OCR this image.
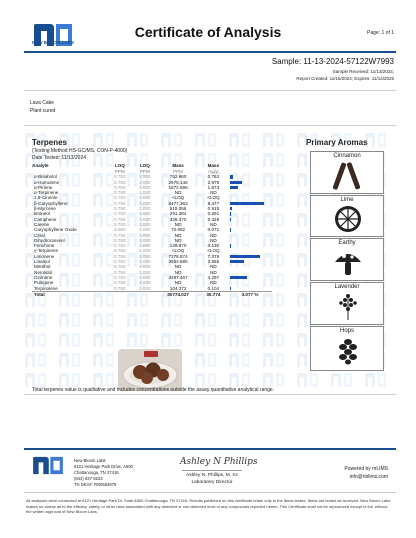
NEW BLOOM LABS
Certificate of Analysis	Page: 1 of 1
Sample: 11-13-2024-57122W7993
Sample Received: 11/13/2024;
Report Created: 11/15/2024; Expires: 11/14/2025
Lava Cake
Plant cured
Terpenes
(Testing Method HS-GC/MS, CON-P-4000)
Date Tested: 11/13/2024
Primary Aromas
Analyte	LOQ	LOQ	Mass	Mass	
	PPM	PPM	PPM	mg/g	
α-Bisabolol	0.750	3.000	762.960	0.763	

α-Humulene	0.750	3.000	2979.146	2.979	

α-Pinene	0.750	3.000	1872.698	1.873	

α-Terpinene	0.750	3.000	ND	ND	

1,8-Cineole	0.750	3.000	<LOQ	<LOQ	

β-Caryophyllene	0.750	3.000	8477.363	8.477	

β-Myrcene	0.750	3.000	515.056	0.515	

Borneol	0.750	3.000	291.384	0.291	

Camphene	0.750	3.000	329.370	0.329	

Carene	0.750	3.000	ND	ND	

Caryophyllene Oxide	3.000	3.000	70.982	0.071	

Citral	0.750	3.000	ND	ND	

Dihydrocarveol	0.750	3.000	ND	ND	

Fenchone	0.750	3.000	129.870	0.130	

γ-Terpinene	0.750	3.000	<LOQ	<LOQ	

Limonene	0.750	3.000	7378.674	7.379	

Linalool	0.750	3.000	3564.685	3.565	

Menthol	0.750	3.000	ND	ND	

Nerolidol	0.750	3.000	ND	ND	

Ocimene	0.750	3.000	4297.467	4.297	

Pulegone	0.750	3.000	ND	ND	

Terpinolene	0.750	3.000	104.372	0.104	

Total			30774.027	30.774	3.077 %
Cinnamon
Lime
Earthy
Lavender
Hops
Total terpenes value is qualitative and includes concentrations outside the assay quantitative analytical range.
New Bloom Labs
6121 Heritage Park Drive, A500
Chattanooga, TN 37416
(844) 837-8223
TN DEA#: RN0563975
Ashley N Phillips
Ashley N. Phillips, M. Sc
Laboratory Director
Powered by mLIMS
info@nblims.com
All analyses were conducted at 6121 Heritage Park Dr. Suite A500 Chattanooga, TN 37416. Results published on this certificate relate only to the items tested. Items are tested as received. New Bloom Labs makes no claims as to the efficacy, safety, or other risks associated with any detected or non-detected level of any compounds reported herein. This Certificate shall not be reproduced except in full, without the written approval of New Bloom Labs.
